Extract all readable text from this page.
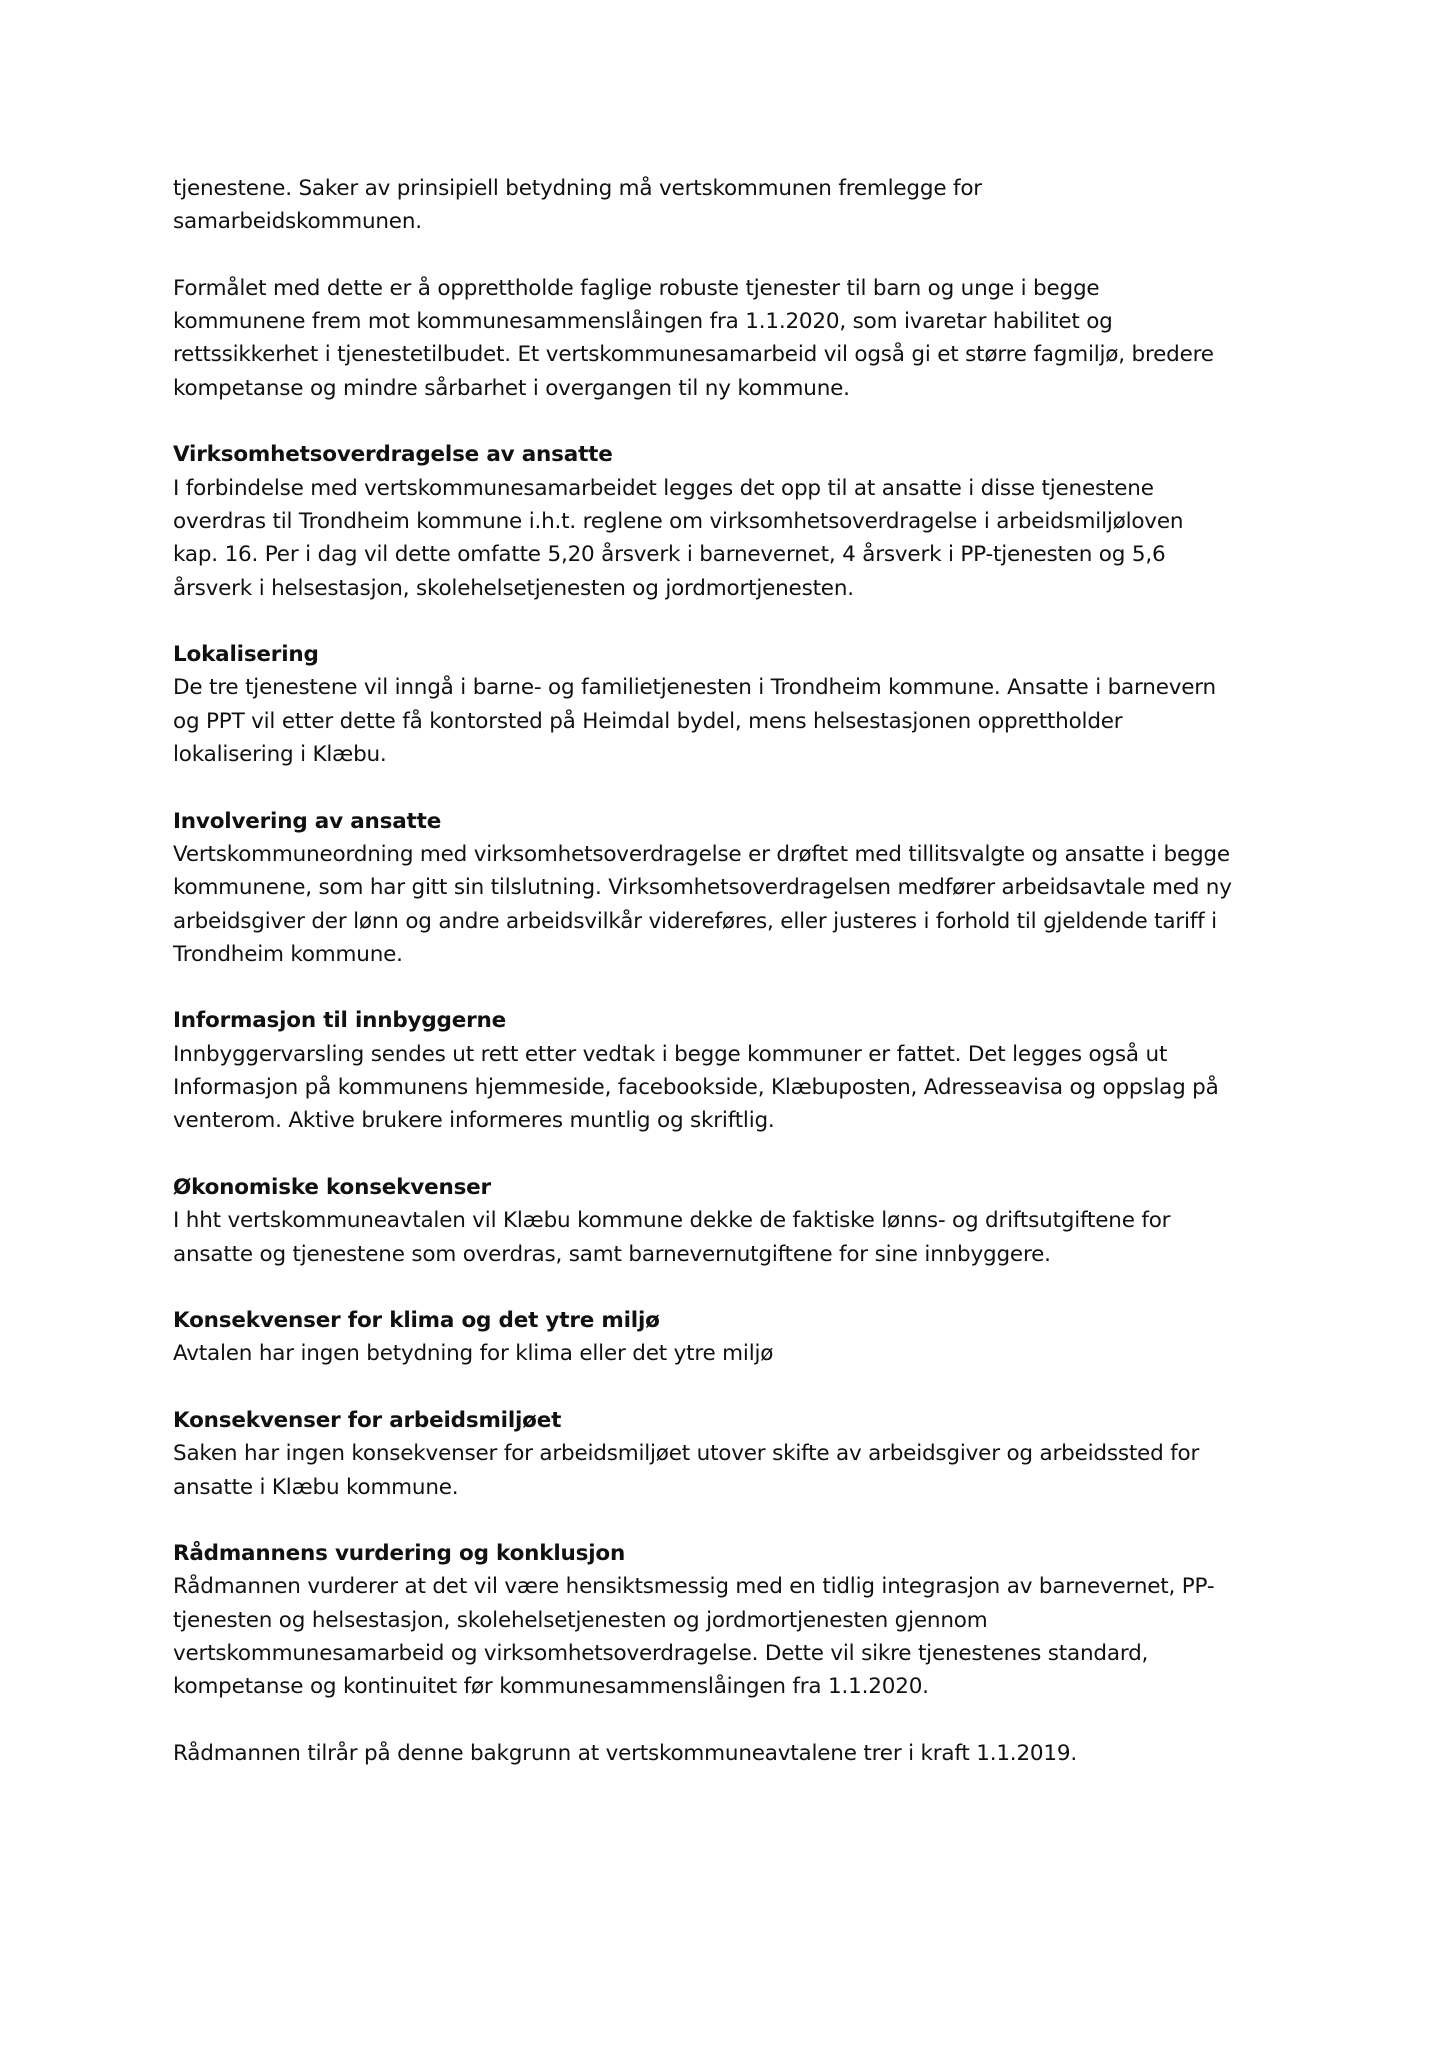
tjenestene. Saker av prinsipiell betydning må vertskommunen fremlegge for
samarbeidskommunen.

Formålet med dette er å opprettholde faglige robuste tjenester til barn og unge i begge
kommunene frem mot kommunesammenslåingen fra 1.1.2020, som ivaretar habilitet og
rettssikkerhet i tjenestetilbudet. Et vertskommunesamarbeid vil også gi et større fagmiljø, bredere
kompetanse og mindre sårbarhet i overgangen til ny kommune.

Virksomhetsoverdragelse av ansatte

I forbindelse med vertskommunesamarbeidet legges det opp til at ansatte i disse tjenestene
overdras til Trondheim kommune i.h.t. reglene om virksomhetsoverdragelse i arbeidsmiljøloven
kap. 16. Per i dag vil dette omfatte 5,20 årsverk i barnevernet, 4 årsverk i PP-tjenesten og 5,6
årsverk i helsestasjon, skolehelsetjenesten og jordmortjenesten.

Lokalisering

De tre tjenestene vil inngå i barne- og familietjenesten i Trondheim kommune. Ansatte i barnevern
og PPT vil etter dette få kontorsted på Heimdal bydel, mens helsestasjonen opprettholder
lokalisering i Klæbu.

Involvering av ansatte

Vertskommuneordning med virksomhetsoverdragelse er drøftet med tillitsvalgte og ansatte i begge
kommunene, som har gitt sin tilslutning. Virksomhetsoverdragelsen medfører arbeidsavtale med ny
arbeidsgiver der lønn og andre arbeidsvilkår videreføres, eller justeres i forhold til gjeldende tariff i
Trondheim kommune.

Informasjon til innbyggerne

Innbyggervarsling sendes ut rett etter vedtak i begge kommuner er fattet. Det legges også ut
Informasjon på kommunens hjemmeside, facebookside, Klæbuposten, Adresseavisa og oppslag på
venterom. Aktive brukere informeres muntlig og skriftlig.

Økonomiske konsekvenser

I hht vertskommuneavtalen vil Klæbu kommune dekke de faktiske lønns- og driftsutgiftene for
ansatte og tjenestene som overdras, samt barnevernutgiftene for sine innbyggere.

Konsekvenser for klima og det ytre miljø

Avtalen har ingen betydning for klima eller det ytre miljø

Konsekvenser for arbeidsmiljøet

Saken har ingen konsekvenser for arbeidsmiljøet utover skifte av arbeidsgiver og arbeidssted for
ansatte i Klæbu kommune.

Rådmannens vurdering og konklusjon

Rådmannen vurderer at det vil være hensiktsmessig med en tidlig integrasjon av barnevernet, PP-
tjenesten og helsestasjon, skolehelsetjenesten og jordmortjenesten gjennom
vertskommunesamarbeid og virksomhetsoverdragelse. Dette vil sikre tjenestenes standard,
kompetanse og kontinuitet før kommunesammenslåingen fra 1.1.2020.

Rådmannen tilrår på denne bakgrunn at vertskommuneavtalene trer i kraft 1.1.2019.
